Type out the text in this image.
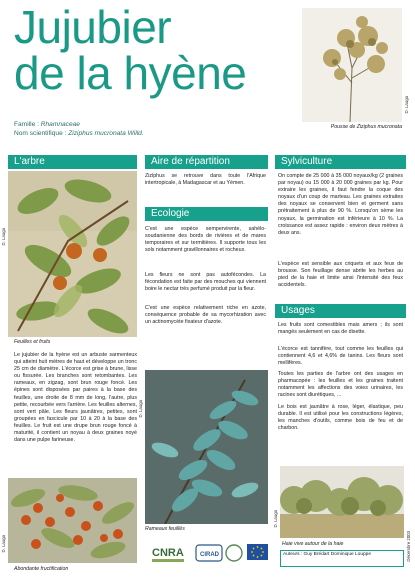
Jujubier
de la hyène
Famille : Rhamnaceae
Nom scientifique : Ziziphus mucronata Willd.
D. Lauga
Pousse de Ziziphus mucronata
L'arbre
D. Lauga
Feuilles et fruits
Le jujubier de la hyène est un arbuste sarmenteux qui atteint huit mètres de haut et développe un tronc 25 cm de diamètre. L'écorce est grise à brune, lisse ou fissurée. Les branches sont retombantes. Les rameaux, en zigzag, sont brun rouge foncé. Les épines sont disposées par paires à la base des feuilles, une droite de 8 mm de long, l'autre, plus petite, recourbée vers l'arrière. Les feuilles alternes, sont vert pâle. Les fleurs jaunâtres, petites, sont groupées en fascicule par 10 à 20 à la base des feuilles. Le fruit est une drupe brun rouge foncé à maturité, il contient un noyau à deux graines noyé dans une pulpe farineuse.
D. Lauga
Abondante fructification
Aire de répartition
Ziziphus se retrouve dans toute l'Afrique intertropicale, à Madagascar et au Yémen.
Ecologie
C'est une espèce sempervirente, sahélo-soudanienne des bords de rivières et de mares temporaires et sur termitières. Il supporte tous les sols notamment gravillonnaires et rocheux.
Les fleurs ne sont pas autofécondes. La fécondation est faite par des mouches qui viennent boire le nectar très perfumé produit par la fleur.
C'est une espèce relativement riche en azote, conséquence probable de sa mycorhization avec un actinomycète fixateur d'azote.
D. Lauga
Rameaux feuillés
CNRA	CIRAD
Sylviculture
On compte de 25 000 à 35 000 noyaux/kg (2 graines par noyau) ou 15 000 à 20 000 graines par kg. Pour extraire les graines, il faut fendre la coque des noyaux d'un coup de marteau. Les graines extraites des noyaux se conservent bien et germent sans prétraitement à plus de 90 %. Lorsqu'on sème les noyaux, la germination est inférieure à 10 %. La croissance est assez rapide : environ deux mètres à deux ans.
L'espèce est sensible aux criquets et aux feux de brousse. Son feuillage dense abrite les herbes au pied de la haie et limite ainsi l'intensité des feux accidentels.
Usages
Les fruits sont comestibles mais amers ; ils sont mangés seulement en cas de disette.
L'écorce est tannifère, tout comme les feuilles qui contiennent 4,6 et 4,6% de tanins. Les fleurs sont mellifères.
Toutes les parties de l'arbre ont des usages en pharmacopée : les feuilles et les graines traitent notamment les affections des voies urinaires, les racines sont diurétiques, ...
Le bois est jaunâtre à rose, léger, élastique, peu durable. Il est utilisé pour les constructions légères, les manches d'outils, comme bois de feu et de charbon.
D. Lauga
Haie vive autour de la haie
Auteurs : Guy Brédart Dominique Louppe	Décembre 2003
